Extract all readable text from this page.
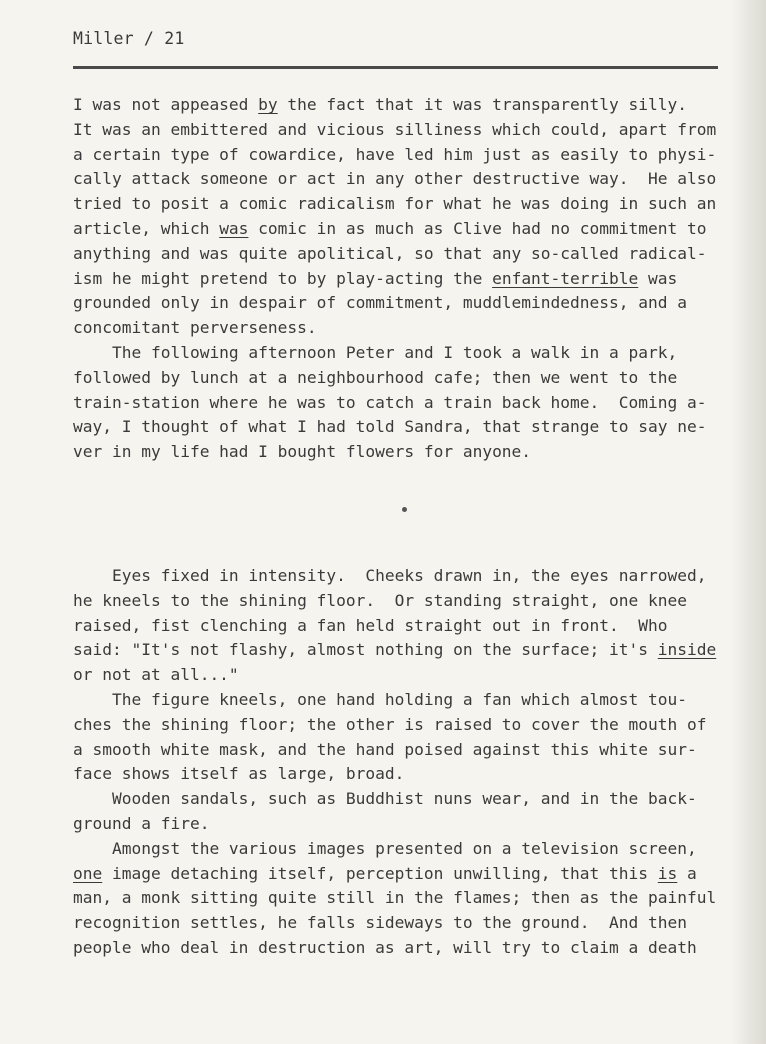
Miller / 21
I was not appeased by the fact that it was transparently silly.
It was an embittered and vicious silliness which could, apart from
a certain type of cowardice, have led him just as easily to physi-
cally attack someone or act in any other destructive way.  He also
tried to posit a comic radicalism for what he was doing in such an
article, which was comic in as much as Clive had no commitment to
anything and was quite apolitical, so that any so-called radical-
ism he might pretend to by play-acting the enfant-terrible was
grounded only in despair of commitment, muddlemindedness, and a
concomitant perverseness.
The following afternoon Peter and I took a walk in a park,
followed by lunch at a neighbourhood cafe; then we went to the
train-station where he was to catch a train back home.  Coming a-
way, I thought of what I had told Sandra, that strange to say ne-
ver in my life had I bought flowers for anyone.
Eyes fixed in intensity.  Cheeks drawn in, the eyes narrowed,
he kneels to the shining floor.  Or standing straight, one knee
raised, fist clenching a fan held straight out in front.  Who
said: "It's not flashy, almost nothing on the surface; it's inside
or not at all..."
The figure kneels, one hand holding a fan which almost tou-
ches the shining floor; the other is raised to cover the mouth of
a smooth white mask, and the hand poised against this white sur-
face shows itself as large, broad.
Wooden sandals, such as Buddhist nuns wear, and in the back-
ground a fire.
Amongst the various images presented on a television screen,
one image detaching itself, perception unwilling, that this is a
man, a monk sitting quite still in the flames; then as the painful
recognition settles, he falls sideways to the ground.  And then
people who deal in destruction as art, will try to claim a death
